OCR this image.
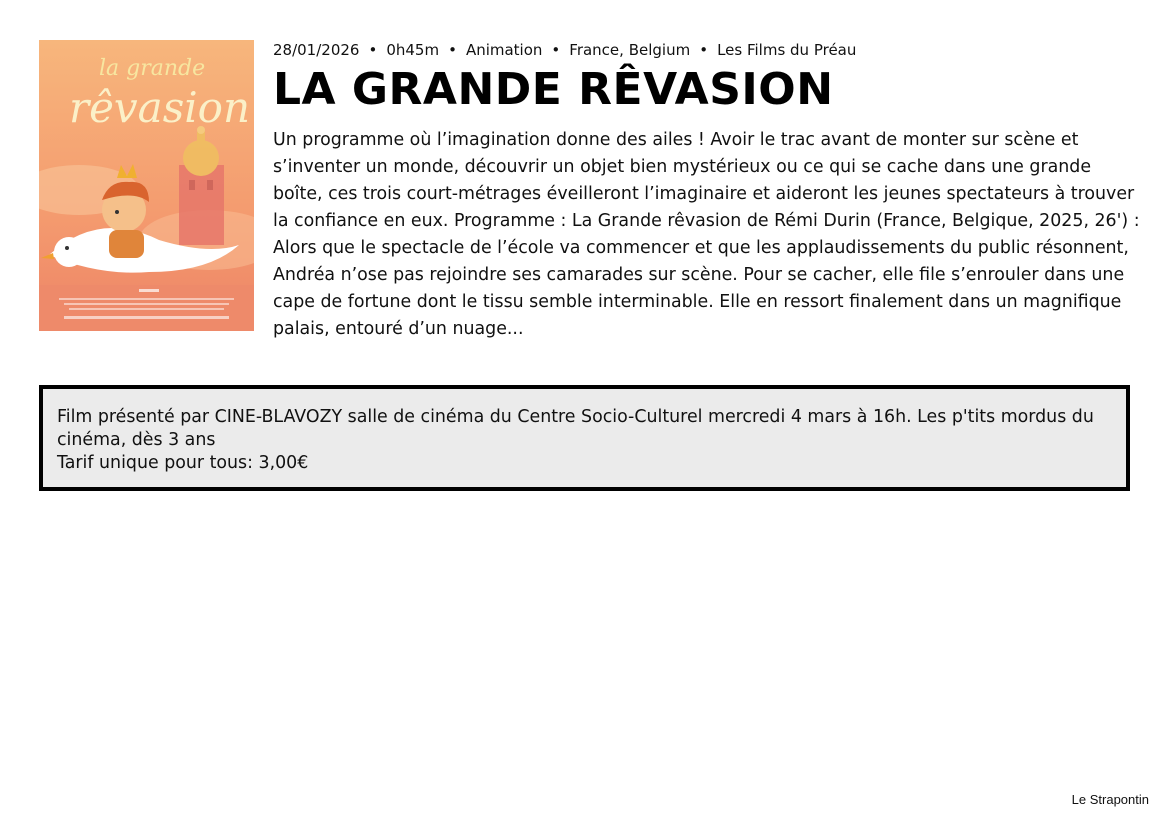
la grande
rêvasion
28/01/2026 • 0h45m • Animation • France, Belgium • Les Films du Préau
LA GRANDE RÊVASION

Un programme où l’imagination donne des ailes ! Avoir le trac avant de monter sur scène et s’inventer un monde, découvrir un objet bien mystérieux ou ce qui se cache dans une grande boîte, ces trois court-métrages éveilleront l’imaginaire et aideront les jeunes spectateurs à trouver la confiance en eux. Programme : La Grande rêvasion de Rémi Durin (France, Belgique, 2025, 26') : Alors que le spectacle de l’école va commencer et que les applaudissements du public résonnent, Andréa n’ose pas rejoindre ses camarades sur scène. Pour se cacher, elle file s’enrouler dans une cape de fortune dont le tissu semble interminable. Elle en ressort finalement dans un magnifique palais, entouré d’un nuage...

Film présenté par CINE-BLAVOZY salle de cinéma du Centre Socio-Culturel mercredi 4 mars à 16h. Les p'tits mordus du cinéma, dès 3 ans
Tarif unique pour tous: 3,00€
Le Strapontin
